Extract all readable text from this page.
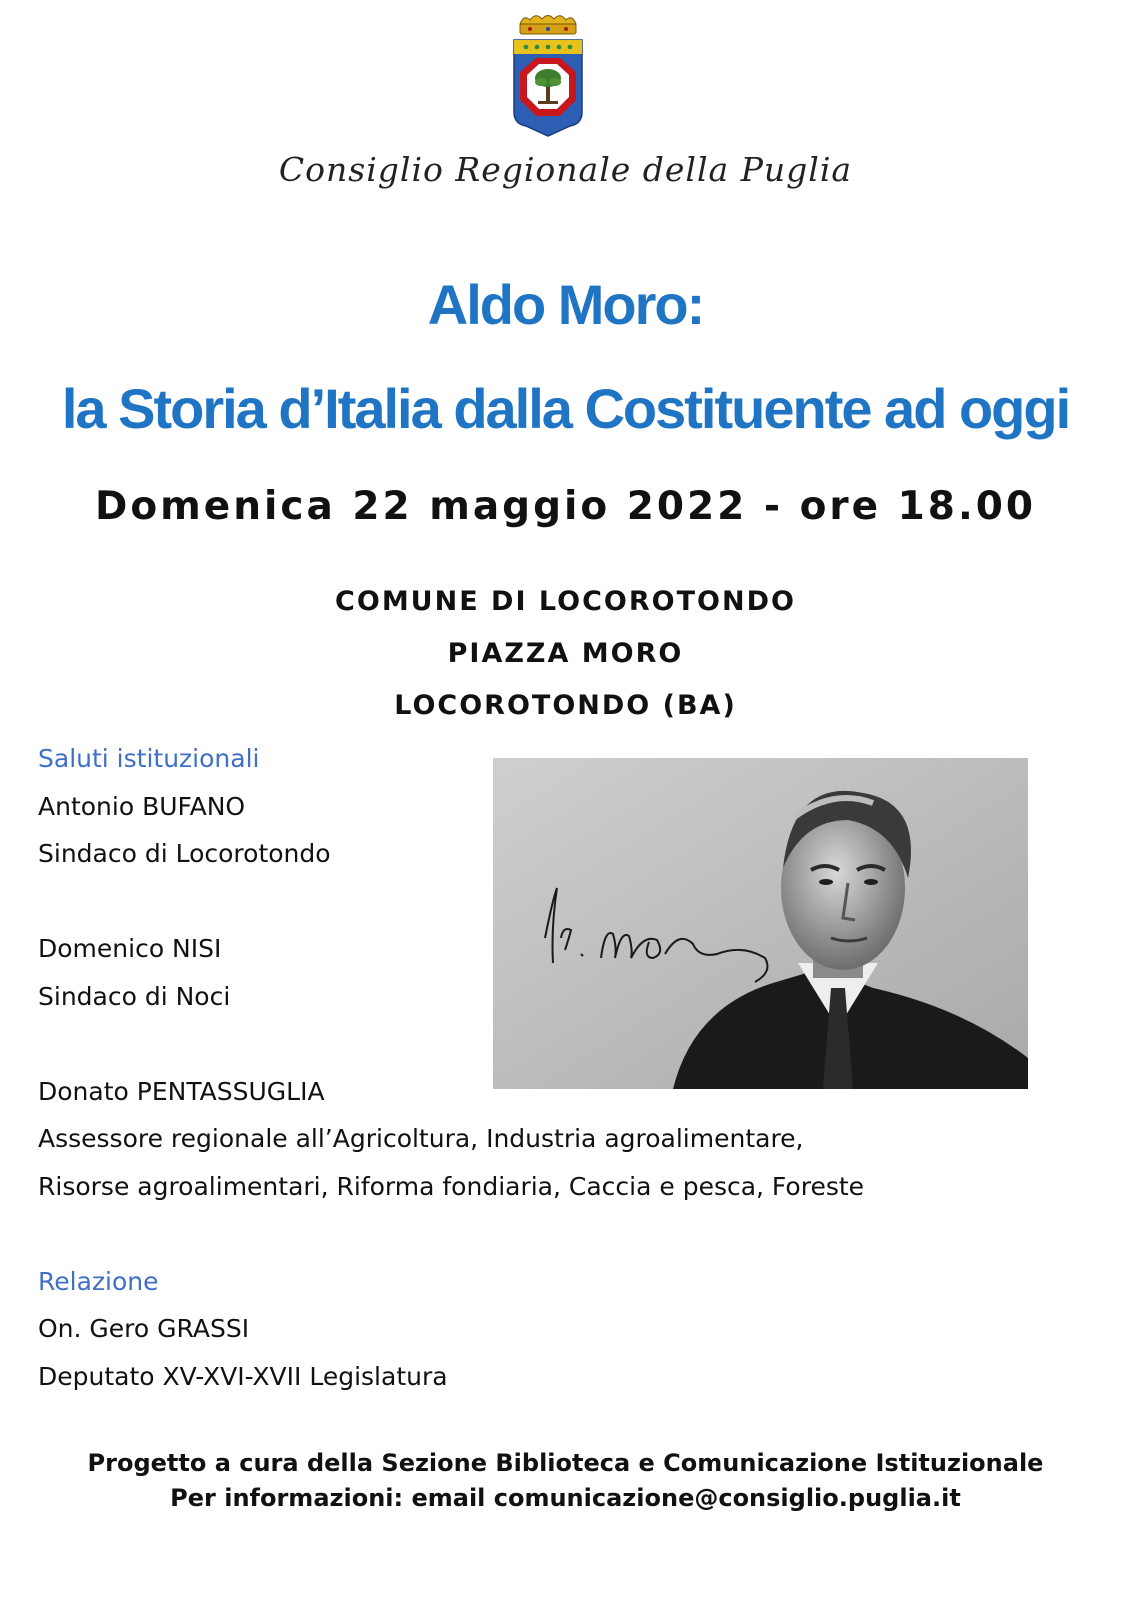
Consiglio Regionale della Puglia
Aldo Moro:
la Storia d’Italia dalla Costituente ad oggi
Domenica 22 maggio 2022 - ore 18.00
COMUNE DI LOCOROTONDO
PIAZZA MORO
LOCOROTONDO (BA)
Saluti istituzionali
Antonio BUFANO
Sindaco di Locorotondo
Domenico NISI
Sindaco di Noci
Donato PENTASSUGLIA
Assessore regionale all’Agricoltura, Industria agroalimentare,
Risorse agroalimentari, Riforma fondiaria, Caccia e pesca, Foreste
Relazione
On. Gero GRASSI
Deputato XV-XVI-XVII Legislatura
Progetto a cura della Sezione Biblioteca e Comunicazione Istituzionale
Per informazioni: email comunicazione@consiglio.puglia.it
